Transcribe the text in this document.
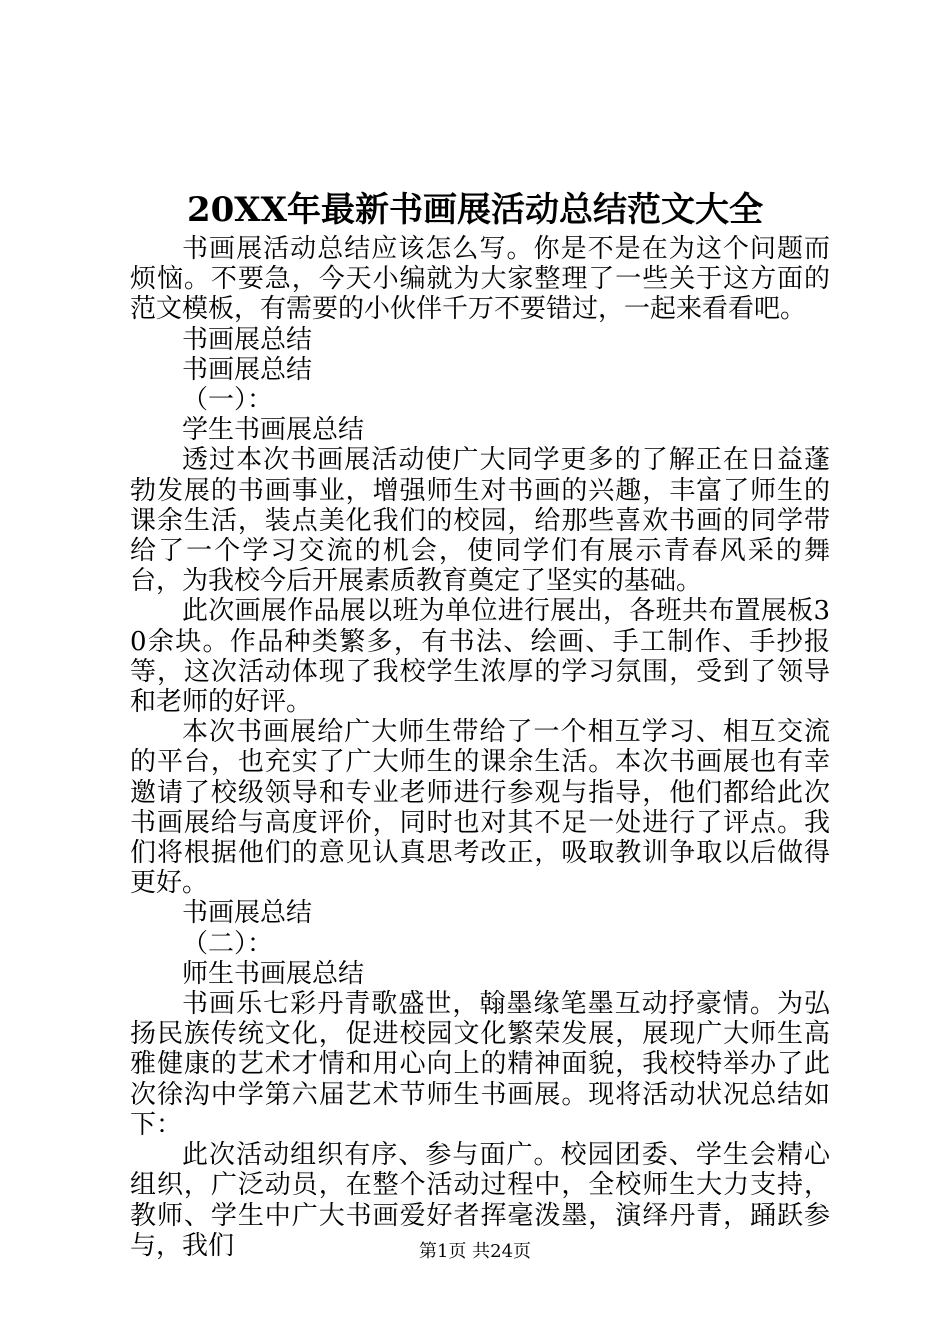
20XX年最新书画展活动总结范文大全

书画展活动总结应该怎么写。你是不是在为这个问题而烦恼。不要急，今天小编就为大家整理了一些关于这方面的范文模板，有需要的小伙伴千万不要错过，一起来看看吧。

书画展总结

书画展总结

（一）：

学生书画展总结

透过本次书画展活动使广大同学更多的了解正在日益蓬勃发展的书画事业，增强师生对书画的兴趣，丰富了师生的课余生活，装点美化我们的校园，给那些喜欢书画的同学带给了一个学习交流的机会，使同学们有展示青春风采的舞台，为我校今后开展素质教育奠定了坚实的基础。

此次画展作品展以班为单位进行展出，各班共布置展板30余块。作品种类繁多，有书法、绘画、手工制作、手抄报等，这次活动体现了我校学生浓厚的学习氛围，受到了领导和老师的好评。

本次书画展给广大师生带给了一个相互学习、相互交流的平台，也充实了广大师生的课余生活。本次书画展也有幸邀请了校级领导和专业老师进行参观与指导，他们都给此次书画展给与高度评价，同时也对其不足一处进行了评点。我们将根据他们的意见认真思考改正，吸取教训争取以后做得更好。

书画展总结

（二）：

师生书画展总结

书画乐七彩丹青歌盛世，翰墨缘笔墨互动抒豪情。为弘扬民族传统文化，促进校园文化繁荣发展，展现广大师生高雅健康的艺术才情和用心向上的精神面貌，我校特举办了此次徐沟中学第六届艺术节师生书画展。现将活动状况总结如下：

此次活动组织有序、参与面广。校园团委、学生会精心组织，广泛动员，在整个活动过程中，全校师生大力支持，教师、学生中广大书画爱好者挥毫泼墨，演绎丹青，踊跃参与，我们	第1页 共24页
